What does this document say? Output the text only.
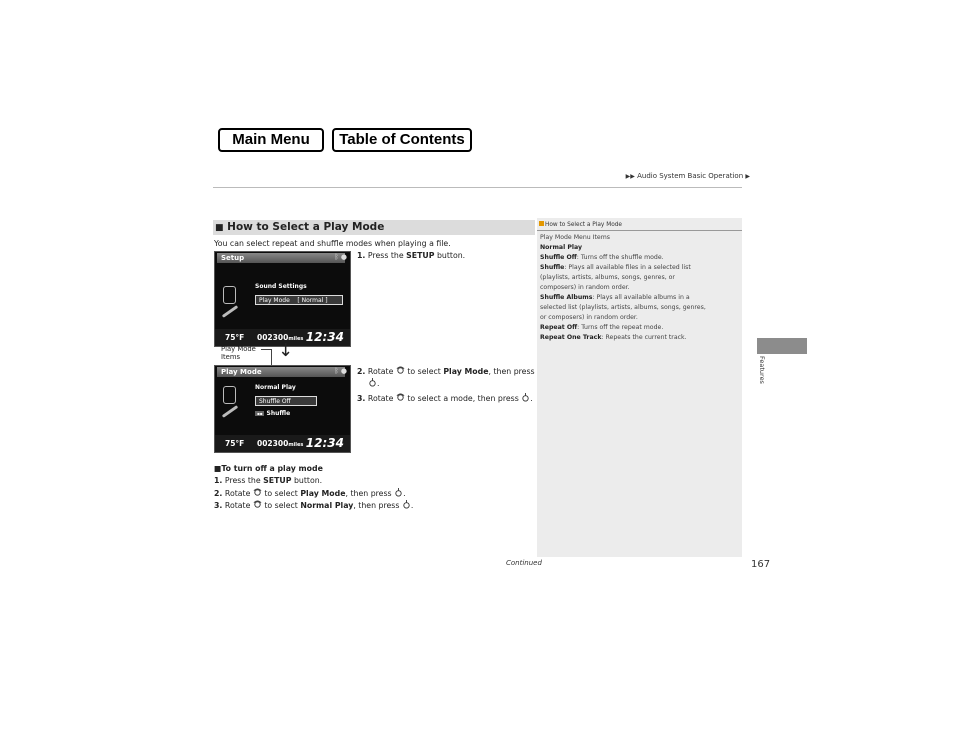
Main Menu	Table of Contents
▶▶ Audio System Basic Operation ▶
Features
■ How to Select a Play Mode
You can select repeat and shuffle modes when playing a file.
1. Press the SETUP button.
2. Rotate  to select Play Mode, then press
.
3. Rotate  to select a mode, then press .
Setup	ᛒ ●
Sound Settings
Play Mode    [ Normal ]
75°F 002300miles 12:34
Play Mode
Items	↓
Play Mode	ᛒ ●
Normal Play
Shuffle Off
▪▪ Shuffle
75°F 002300miles 12:34
■To turn off a play mode
1. Press the SETUP button.
2. Rotate  to select Play Mode, then press .
3. Rotate  to select Normal Play, then press .
How to Select a Play Mode
Play Mode Menu Items
Normal Play
Shuffle Off: Turns off the shuffle mode.
Shuffle: Plays all available files in a selected list
(playlists, artists, albums, songs, genres, or
composers) in random order.
Shuffle Albums: Plays all available albums in a
selected list (playlists, artists, albums, songs, genres,
or composers) in random order.
Repeat Off: Turns off the repeat mode.
Repeat One Track: Repeats the current track.
Continued	167
